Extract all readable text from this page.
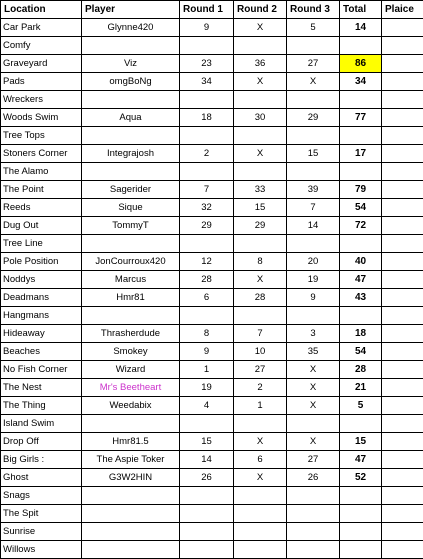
Location	Player	Round 1	Round 2	Round 3	Total	Plaice
Car Park	Glynne420	9	X	5	14	
Comfy						
Graveyard	Viz	23	36	27	86	
Pads	omgBoNg	34	X	X	34	
Wreckers						
Woods Swim	Aqua	18	30	29	77	
Tree Tops						
Stoners Corner	Integrajosh	2	X	15	17	
The Alamo						
The Point	Sagerider	7	33	39	79	
Reeds	Sique	32	15	7	54	
Dug Out	TommyT	29	29	14	72	
Tree Line						
Pole Position	JonCourroux420	12	8	20	40	
Noddys	Marcus	28	X	19	47	
Deadmans	Hmr81	6	28	9	43	
Hangmans						
Hideaway	Thrasherdude	8	7	3	18	
Beaches	Smokey	9	10	35	54	
No Fish Corner	Wizard	1	27	X	28	
The Nest	Mr's Beetheart	19	2	X	21	
The Thing	Weedabix	4	1	X	5	
Island Swim						
Drop Off	Hmr81.5	15	X	X	15	
Big Girls :	The Aspie Toker	14	6	27	47	
Ghost	G3W2HIN	26	X	26	52	
Snags						
The Spit						
Sunrise						
Willows						
